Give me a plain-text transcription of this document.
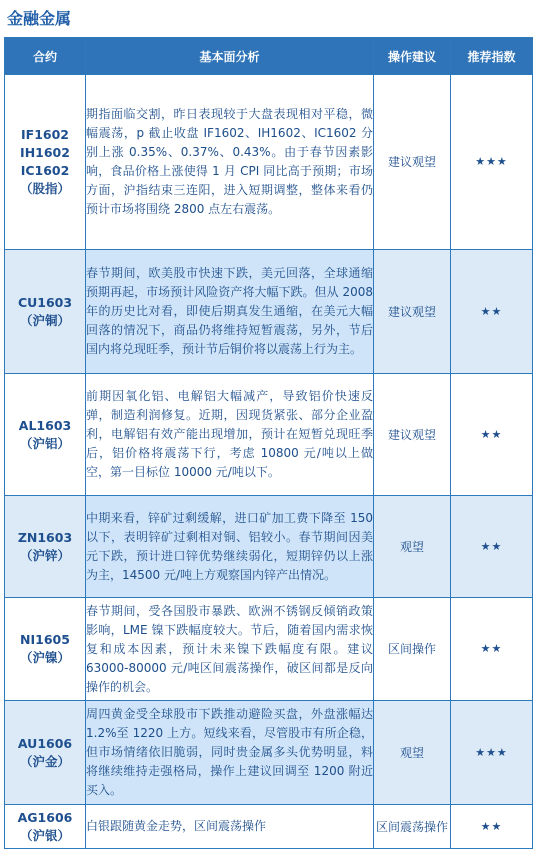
金融金属
合约	基本面分析	操作建议	推荐指数

IF1602
IH1602
IC1602
（股指）	期指面临交割，昨日表现较于大盘表现相对平稳，微幅震荡，p 截止收盘 IF1602、IH1602、IC1602 分别上涨 0.35%、0.37%、0.43%。由于春节因素影响，食品价格上涨使得 1 月 CPI 同比高于预期；市场方面，沪指结束三连阳，进入短期调整，整体来看仍预计市场将围绕 2800 点左右震荡。	建议观望	★★★

CU1603
（沪铜）	春节期间，欧美股市快速下跌，美元回落，全球通缩预期再起，市场预计风险资产将大幅下跌。但从 2008 年的历史比对看，即使后期真发生通缩，在美元大幅回落的情况下，商品仍将维持短暂震荡，另外，节后国内将兑现旺季，预计节后铜价将以震荡上行为主。	建议观望	★★

AL1603
（沪铝）	前期因氧化铝、电解铝大幅减产，导致铝价快速反弹，制造利润修复。近期，因现货紧张、部分企业盈利，电解铝有效产能出现增加，预计在短暂兑现旺季后，铝价格将震荡下行，考虑 10800 元/吨以上做空，第一目标位 10000 元/吨以下。	建议观望	★★

ZN1603
（沪锌）	中期来看，锌矿过剩缓解，进口矿加工费下降至 150 以下，表明锌矿过剩相对铜、铝较小。春节期间因美元下跌，预计进口锌优势继续弱化，短期锌仍以上涨为主，14500 元/吨上方观察国内锌产出情况。	观望	★★

NI1605
（沪镍）	春节期间，受各国股市暴跌、欧洲不锈钢反倾销政策影响，LME 镍下跌幅度较大。节后，随着国内需求恢复和成本因素，预计未来镍下跌幅度有限。建议 63000-80000 元/吨区间震荡操作，破区间都是反向操作的机会。	区间操作	★★

AU1606
（沪金）	周四黄金受全球股市下跌推动避险买盘，外盘涨幅达 1.2%至 1220 上方。短线来看，尽管股市有所企稳，但市场情绪依旧脆弱，同时贵金属多头优势明显，料将继续维持走强格局，操作上建议回调至 1200 附近买入。	观望	★★★

AG1606
（沪银）	白银跟随黄金走势，区间震荡操作	区间震荡操作	★★
